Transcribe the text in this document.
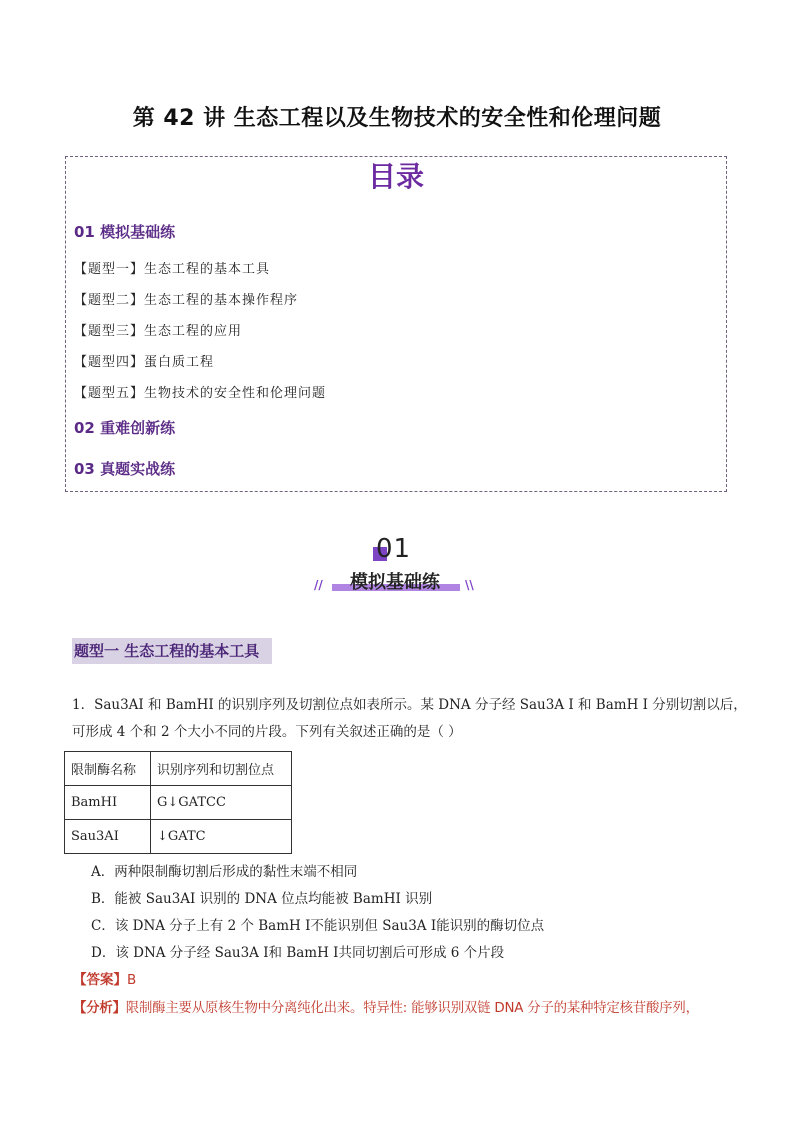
第 42 讲 生态工程以及生物技术的安全性和伦理问题
目录
01 模拟基础练
【题型一】生态工程的基本工具
【题型二】生态工程的基本操作程序
【题型三】生态工程的应用
【题型四】蛋白质工程
【题型五】生物技术的安全性和伦理问题
02 重难创新练
03 真题实战练
01
模拟基础练
//	\\
题型一 生态工程的基本工具
1．Sau3AI 和 BamHI 的识别序列及切割位点如表所示。某 DNA 分子经 Sau3A I 和 BamH I 分别切割以后，
可形成 4 个和 2 个大小不同的片段。下列有关叙述正确的是（ ）
限制酶名称	识别序列和切割位点
BamHI	G↓GATCC
Sau3AI	↓GATC
A．两种限制酶切割后形成的黏性末端不相同
B．能被 Sau3AI 识别的 DNA 位点均能被 BamHI 识别
C．该 DNA 分子上有 2 个 BamH Ⅰ不能识别但 Sau3A Ⅰ能识别的酶切位点
D．该 DNA 分子经 Sau3A Ⅰ和 BamH Ⅰ共同切割后可形成 6 个片段
【答案】B
【分析】限制酶主要从原核生物中分离纯化出来。特异性: 能够识别双链 DNA 分子的某种特定核苷酸序列，
